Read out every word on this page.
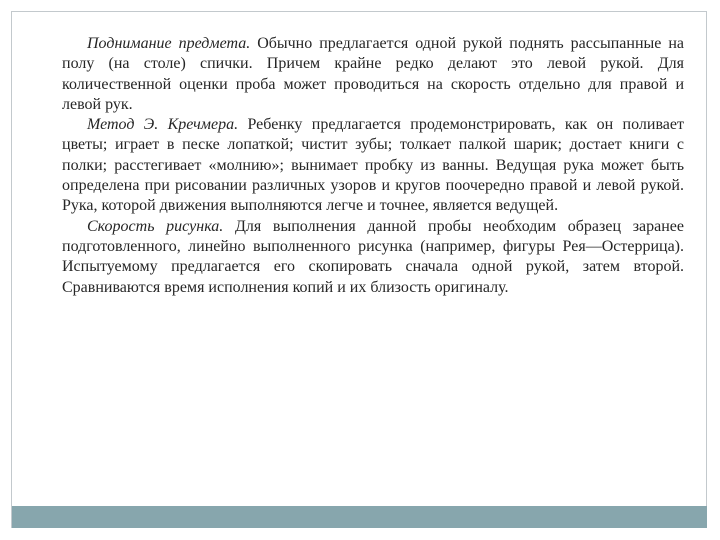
Поднимание предмета. Обычно предлагается одной рукой поднять рассыпанные на полу (на столе) спички. Причем крайне редко делают это левой рукой. Для количественной оценки проба может проводиться на скорость отдельно для правой и левой рук.

Метод Э. Кречмера. Ребенку предлагается продемонстрировать, как он поливает цветы; играет в песке лопаткой; чистит зубы; толкает палкой шарик; достает книги с полки; расстегивает «молнию»; вынимает пробку из ванны. Ведущая рука может быть определена при рисовании различных узоров и кругов поочередно правой и левой рукой. Рука, которой движения выполняются легче и точнее, является ведущей.

Скорость рисунка. Для выполнения данной пробы необходим образец заранее подготовленного, линейно выполненного рисунка (например, фигуры Рея—Остеррица). Испытуемому предлагается его скопировать сначала одной рукой, затем второй. Сравниваются время исполнения копий и их близость оригиналу.
